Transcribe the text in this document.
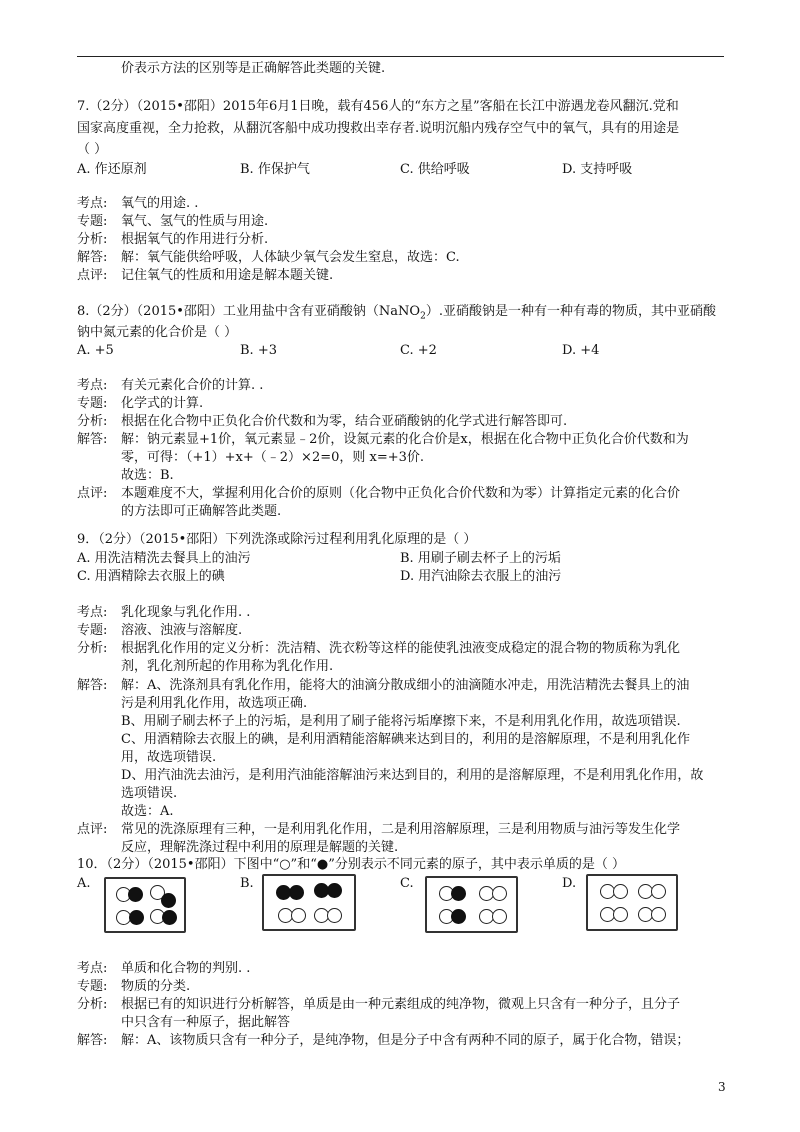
价表示方法的区别等是正确解答此类题的关键.
7.（2分）（2015•邵阳）2015年6月1日晚，载有456人的“东方之星”客船在长江中游遇龙卷风翻沉.党和
国家高度重视，全力抢救，从翻沉客船中成功搜救出幸存者.说明沉船内残存空气中的氧气，具有的用途是
（ ）
A. 作还原剂	B. 作保护气	C. 供给呼吸	D. 支持呼吸
考点: 氧气的用途. .
专题: 氧气、氢气的性质与用途.
分析: 根据氧气的作用进行分析.
解答: 解：氧气能供给呼吸，人体缺少氧气会发生窒息，故选：C.
点评: 记住氧气的性质和用途是解本题关键.
8.（2分）（2015•邵阳）工业用盐中含有亚硝酸钠（NaNO$_2$）.亚硝酸钠是一种有一种有毒的物质，其中亚硝酸
钠中氮元素的化合价是（ ）
A. +5	B. +3	C. +2	D. +4
考点: 有关元素化合价的计算. .
专题: 化学式的计算.
分析: 根据在化合物中正负化合价代数和为零，结合亚硝酸钠的化学式进行解答即可.
解答: 解：钠元素显+1价，氧元素显﹣2价，设氮元素的化合价是x，根据在化合物中正负化合价代数和为
零，可得：（+1）+x+（﹣2）×2=0，则 x=+3价.
故选：B.
点评: 本题难度不大，掌握利用化合价的原则（化合物中正负化合价代数和为零）计算指定元素的化合价
的方法即可正确解答此类题.
9．（2分）（2015•邵阳）下列洗涤或除污过程利用乳化原理的是（ ）
A. 用洗洁精洗去餐具上的油污	B. 用刷子刷去杯子上的污垢
C. 用酒精除去衣服上的碘	D. 用汽油除去衣服上的油污
考点: 乳化现象与乳化作用. .
专题: 溶液、浊液与溶解度.
分析: 根据乳化作用的定义分析：洗洁精、洗衣粉等这样的能使乳浊液变成稳定的混合物的物质称为乳化
剂，乳化剂所起的作用称为乳化作用.
解答: 解：A、洗涤剂具有乳化作用，能将大的油滴分散成细小的油滴随水冲走，用洗洁精洗去餐具上的油
污是利用乳化作用，故选项正确.
B、用刷子刷去杯子上的污垢，是利用了刷子能将污垢摩擦下来，不是利用乳化作用，故选项错误.
C、用酒精除去衣服上的碘，是利用酒精能溶解碘来达到目的，利用的是溶解原理，不是利用乳化作
用，故选项错误.
D、用汽油洗去油污，是利用汽油能溶解油污来达到目的，利用的是溶解原理，不是利用乳化作用，故
选项错误.
故选：A.
点评: 常见的洗涤原理有三种，一是利用乳化作用，二是利用溶解原理，三是利用物质与油污等发生化学
反应，理解洗涤过程中利用的原理是解题的关键.
10．（2分）（2015•邵阳）下图中“○”和“●”分别表示不同元素的原子，其中表示单质的是（ ）
A.	B.	C.	D.
考点: 单质和化合物的判别. .
专题: 物质的分类.
分析: 根据已有的知识进行分析解答，单质是由一种元素组成的纯净物，微观上只含有一种分子，且分子
中只含有一种原子，据此解答
解答: 解：A、该物质只含有一种分子，是纯净物，但是分子中含有两种不同的原子，属于化合物，错误；
3
